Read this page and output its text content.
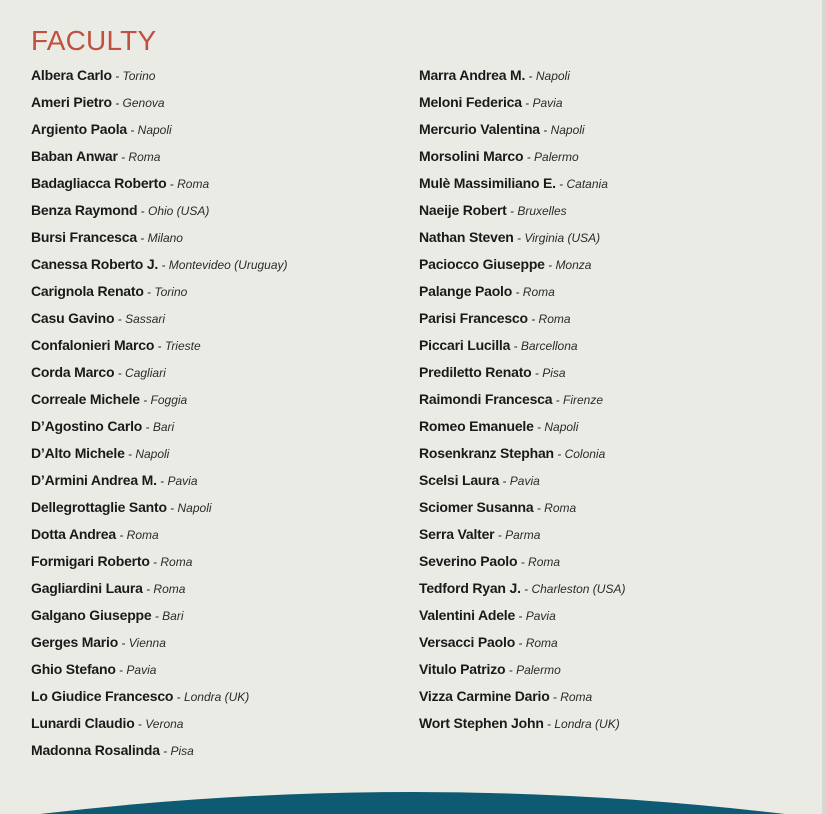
FACULTY
Albera Carlo - Torino
Ameri Pietro - Genova
Argiento Paola - Napoli
Baban Anwar - Roma
Badagliacca Roberto - Roma
Benza Raymond - Ohio (USA)
Bursi Francesca - Milano
Canessa Roberto J. - Montevideo (Uruguay)
Carignola Renato - Torino
Casu Gavino - Sassari
Confalonieri Marco - Trieste
Corda Marco - Cagliari
Correale Michele - Foggia
D’Agostino Carlo - Bari
D’Alto Michele - Napoli
D’Armini Andrea M. - Pavia
Dellegrottaglie Santo - Napoli
Dotta Andrea - Roma
Formigari Roberto - Roma
Gagliardini Laura - Roma
Galgano Giuseppe - Bari
Gerges Mario - Vienna
Ghio Stefano - Pavia
Lo Giudice Francesco - Londra (UK)
Lunardi Claudio - Verona
Madonna Rosalinda - Pisa
Marra Andrea M. - Napoli
Meloni Federica - Pavia
Mercurio Valentina - Napoli
Morsolini Marco - Palermo
Mulè Massimiliano E. - Catania
Naeije Robert - Bruxelles
Nathan Steven - Virginia (USA)
Paciocco Giuseppe - Monza
Palange Paolo - Roma
Parisi Francesco - Roma
Piccari Lucilla - Barcellona
Prediletto Renato - Pisa
Raimondi Francesca - Firenze
Romeo Emanuele - Napoli
Rosenkranz Stephan - Colonia
Scelsi Laura - Pavia
Sciomer Susanna - Roma
Serra Valter - Parma
Severino Paolo - Roma
Tedford Ryan J. - Charleston (USA)
Valentini Adele - Pavia
Versacci Paolo - Roma
Vitulo Patrizo - Palermo
Vizza Carmine Dario - Roma
Wort Stephen John - Londra (UK)
